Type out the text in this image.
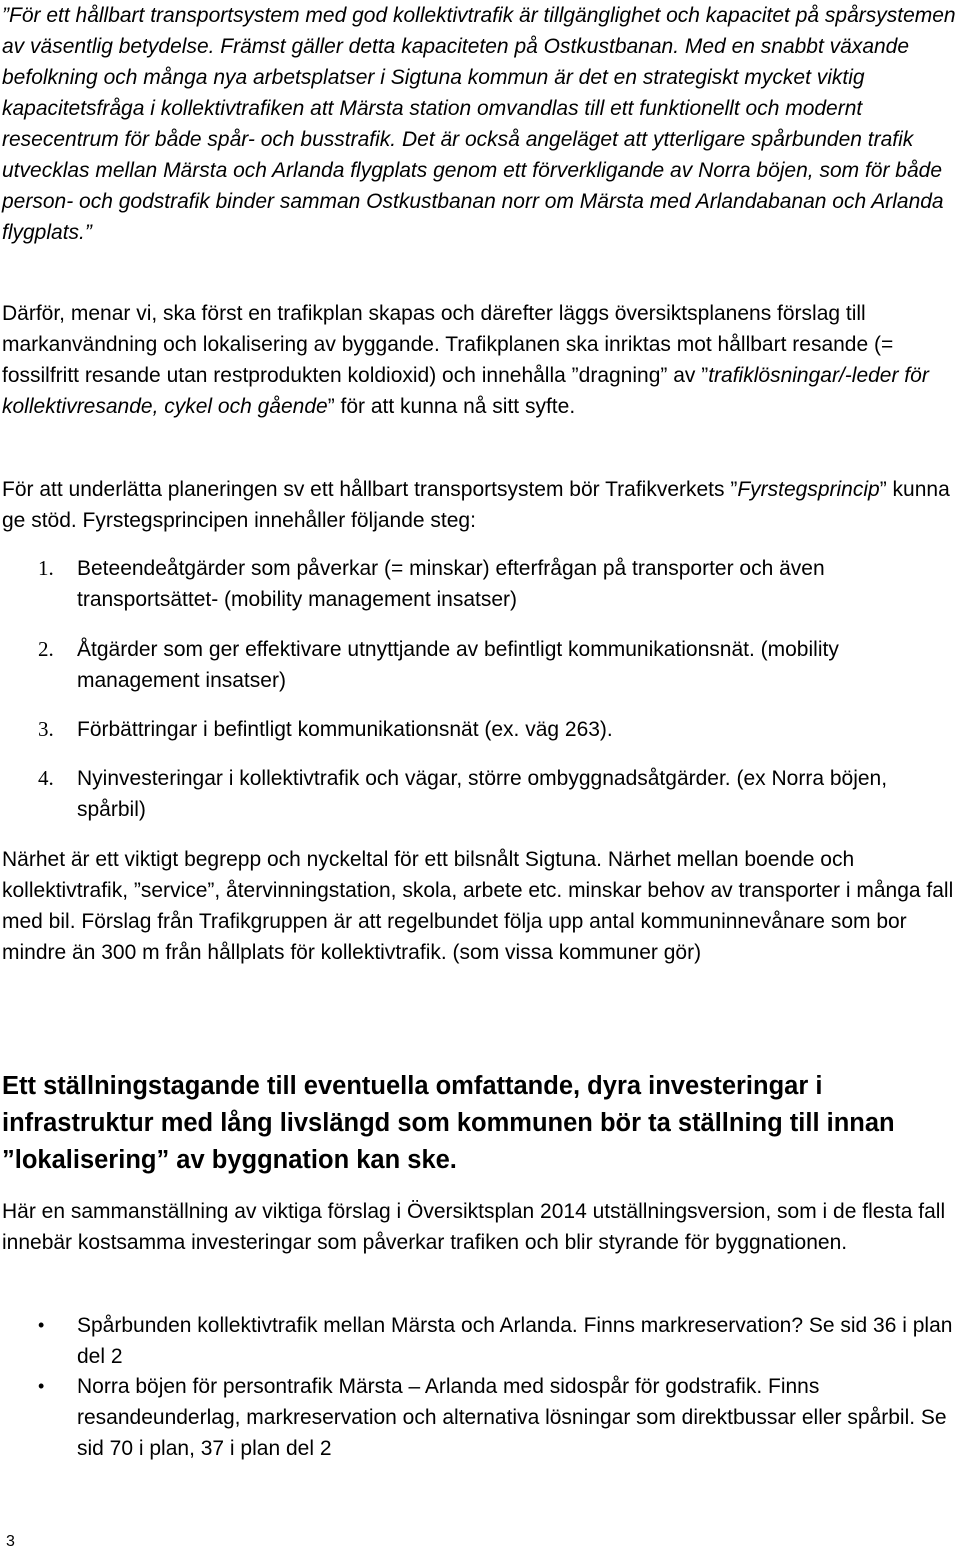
”För ett hållbart transportsystem med god kollektivtrafik är tillgänglighet och kapacitet på spårsystemen av väsentlig betydelse. Främst gäller detta kapaciteten på Ostkustbanan. Med en snabbt växande befolkning och många nya arbetsplatser i Sigtuna kommun är det en strategiskt mycket viktig kapacitetsfråga i kollektivtrafiken att Märsta station omvandlas till ett funktionellt och modernt resecentrum för både spår- och busstrafik. Det är också angeläget att ytterligare spårbunden trafik utvecklas mellan Märsta och Arlanda flygplats genom ett förverkligande av Norra böjen, som för både person- och godstrafik binder samman Ostkustbanan norr om Märsta med Arlandabanan och Arlanda flygplats.”

Därför, menar vi, ska först en trafikplan skapas och därefter läggs översiktsplanens förslag till markanvändning och lokalisering av byggande. Trafikplanen ska inriktas mot hållbart resande (= fossilfritt resande utan restprodukten koldioxid) och innehålla ”dragning” av ”trafiklösningar/-leder för kollektivresande, cykel och gående” för att kunna nå sitt syfte.

För att underlätta planeringen sv ett hållbart transportsystem bör Trafikverkets ”Fyrstegsprincip” kunna ge stöd. Fyrstegsprincipen innehåller följande steg:

1.	Beteendeåtgärder som påverkar (= minskar) efterfrågan på transporter och även transportsättet- (mobility management insatser)

2.	Åtgärder som ger effektivare utnyttjande av befintligt kommunikationsnät. (mobility management insatser)

3.	Förbättringar i befintligt kommunikationsnät (ex. väg 263).

4.	Nyinvesteringar i kollektivtrafik och vägar, större ombyggnadsåtgärder. (ex Norra böjen, spårbil)

Närhet är ett viktigt begrepp och nyckeltal för ett bilsnålt Sigtuna. Närhet mellan boende och kollektivtrafik, ”service”, återvinningstation, skola, arbete etc. minskar behov av transporter i många fall med bil. Förslag från Trafikgruppen är att regelbundet följa upp antal kommuninnevånare som bor mindre än 300 m från hållplats för kollektivtrafik. (som vissa kommuner gör)

Ett ställningstagande till eventuella omfattande, dyra investeringar i infrastruktur med lång livslängd som kommunen bör ta ställning till innan ”lokalisering” av byggnation kan ske.

Här en sammanställning av viktiga förslag i Översiktsplan 2014 utställningsversion, som i de flesta fall innebär kostsamma investeringar som påverkar trafiken och blir styrande för byggnationen.

•	Spårbunden kollektivtrafik mellan Märsta och Arlanda. Finns markreservation? Se sid 36 i plan del 2

•	Norra böjen för persontrafik Märsta – Arlanda med sidospår för godstrafik. Finns resandeunderlag, markreservation och alternativa lösningar som direktbussar eller spårbil. Se sid 70 i plan, 37 i plan del 2

3
